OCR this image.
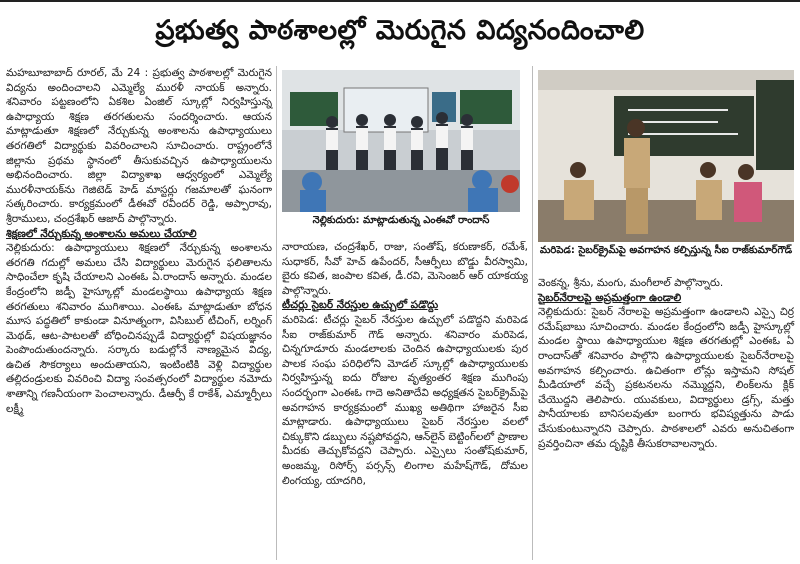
ప్రభుత్వ పాఠశాలల్లో మెరుగైన విద్యనందించాలి
నెల్లికుదురు: మాట్లాడుతున్న ఎంఈవో రాందాస్
మరిపెడ: సైబర్‌క్రైమ్‌పై అవగాహన కల్పిస్తున్న సీఐ రాజ్‌కుమార్‌గౌడ్

మహబూబాబాద్ రూరల్, మే 24 : ప్రభుత్వ పాఠశాలల్లో మెరుగైన విద్యను అందించాలని ఎమ్మెల్యే మురళీ నాయక్ అన్నారు. శనివారం పట్టణంలోని ఏకశిల ఏంజిల్ స్కూల్లో నిర్వహిస్తున్న ఉపాధ్యాయ శిక్షణ తరగతులను సందర్శించారు. ఆయన మాట్లాడుతూ శిక్షణలో నేర్చుకున్న అంశాలను ఉపాధ్యాయులు తరగతిలో విద్యార్థుకు వివరించాలని సూచించారు. రాష్ట్రంలోనే జిల్లాను ప్రథమ స్థానంలో తీసుకువచ్చిన ఉపాధ్యాయులను అభినందించారు. జిల్లా విద్యాశాఖ ఆధ్వర్యంలో ఎమ్మెల్యే మురళీనాయక్‌ను గెజిటెడ్ హెడ్ మాస్టర్లు గజమాలతో ఘనంగా సత్కరించారు. కార్యక్రమంలో డీఈవో రవీందర్ రెడ్డి, అప్పారావు, శ్రీరాములు, చంద్రశేఖర్ ఆజాద్ పాల్గొన్నారు.

శిక్షణలో నేర్చుకున్న అంశాలను అమలు చేయాలి

నెల్లికుదురు: ఉపాధ్యాయులు శిక్షణలో నేర్చుకున్న అంశాలను తరగతి గదుల్లో అమలు చేసి విద్యార్థులు మెరుగైన ఫలితాలను సాధించేలా కృషి చేయాలని ఎంఈఓ ఏ.రాందాస్ అన్నారు. మండల కేంద్రంలోని జడ్పీ హైస్కూల్లో మండలస్థాయి ఉపాధ్యాయ శిక్షణ తరగతులు శనివారం ముగిశాయి. ఎంఈఓ మాట్లాడుతూ బోధన మూస పద్ధతిలో కాకుండా వినూత్నంగా, విసిబుల్ టీచింగ్, లర్నింగ్ మెథడ్, ఆట-పాటలతో బోధించినప్పుడే విద్యార్థుల్లో విషయజ్ఞానం పెంపొందుతుందన్నారు. సర్కారు బడుల్లోనే నాణ్యమైన విద్య, ఉచిత సౌకర్యాలు అందుతాయని, ఇంటింటికి వెళ్లి విద్యార్థుల తల్లిదండ్రులకు వివరించి విద్యా సంవత్సరంలో విద్యార్థుల నమోదు శాతాన్ని గణనీయంగా పెంచాలన్నారు. డీఆర్పీ కే రాకేశ్, ఎమ్మార్పీలు లక్ష్మీ

నారాయణ, చంద్రశేఖర్, రాజు, సంతోష్, కరుణాకర్, రమేశ్, సుధాకర్, సీవో హెచ్ ఉపేందర్, సీఆర్పీలు బొడ్డు వీరస్వామి, బైరు కవిత, జంపాల కవిత, డీ.రవి, మెసెంజర్ ఆర్ యాకయ్య పాల్గొన్నారు.

టీచర్లు సైబర్ నేరస్తుల ఉచ్చులో పడొద్దు

మరిపెడ: టీచర్లు సైబర్ నేరస్తుల ఉచ్చులో పడొద్దని మరిపెడ సీఐ రాజ్‌కుమార్ గౌడ్ అన్నారు. శనివారం మరిపెడ, చిన్నగూడూరు మండలాలకు చెందిన ఉపాధ్యాయులకు పుర పాలక సంఘ పరిధిలోని మోడల్ స్కూల్లో ఉపాధ్యాయులకు నిర్వహిస్తున్న ఐదు రోజుల వృత్యంతర శిక్షణ ముగింపు సందర్భంగా ఎంఈఓ గాదె అనితాదేవి అధ్యక్షతన సైబర్‌క్రైమ్‌పై అవగాహన కార్యక్రమంలో ముఖ్య అతిథిగా హాజరైన సీఐ మాట్లాడారు. ఉపాధ్యాయులు సైబర్ నేరస్తుల వలలో చిక్కుకొని డబ్బులు నష్టపోవద్దని, ఆన్‌లైన్ బెట్టింగ్‌లలో ప్రాణాల మీదకు తెచ్చుకోవద్దని చెప్పారు. ఎస్సైలు సంతోష్‌కుమార్, అంజమ్మ, రిసోర్స్ పర్సన్స్ లింగాల మహేష్‌గౌడ్, దోమల లింగయ్య, యాదగిరి,

వెంకన్న, శ్రీను, మంగు, మంగీలాల్ పాల్గొన్నారు.

సైబర్‌నేరాలపై అప్రమత్తంగా ఉండాలి

నెల్లికుదురు: సైబర్ నేరాలపై అప్రమత్తంగా ఉండాలని ఎస్సై చిర్ర రమేష్‌బాబు సూచించారు. మండల కేంద్రంలోని జడ్పీ హైస్కూల్లో మండల స్థాయి ఉపాధ్యాయుల శిక్షణ తరగతుల్లో ఎంఈఓ ఏ రాందాస్‌తో శనివారం పాల్గొని ఉపాధ్యాయులకు సైబర్‌నేరాలపై అవగాహన కల్పించారు. ఉచితంగా లోన్లు ఇస్తామని సోషల్ మీడియాలో వచ్చే ప్రకటనలను నమ్మొద్దని, లింక్‌లను క్లిక్ చేయొద్దని తెలిపారు. యువకులు, విద్యార్థులు డ్రగ్స్, మత్తు పానీయాలకు బానిసలవుతూ బంగారు భవిష్యత్తును పాడు చేసుకుంటున్నారని చెప్పారు. పాఠశాలలో ఎవరు అనుచితంగా ప్రవర్తించినా తమ దృష్టికి తీసుకరావాలన్నారు.
